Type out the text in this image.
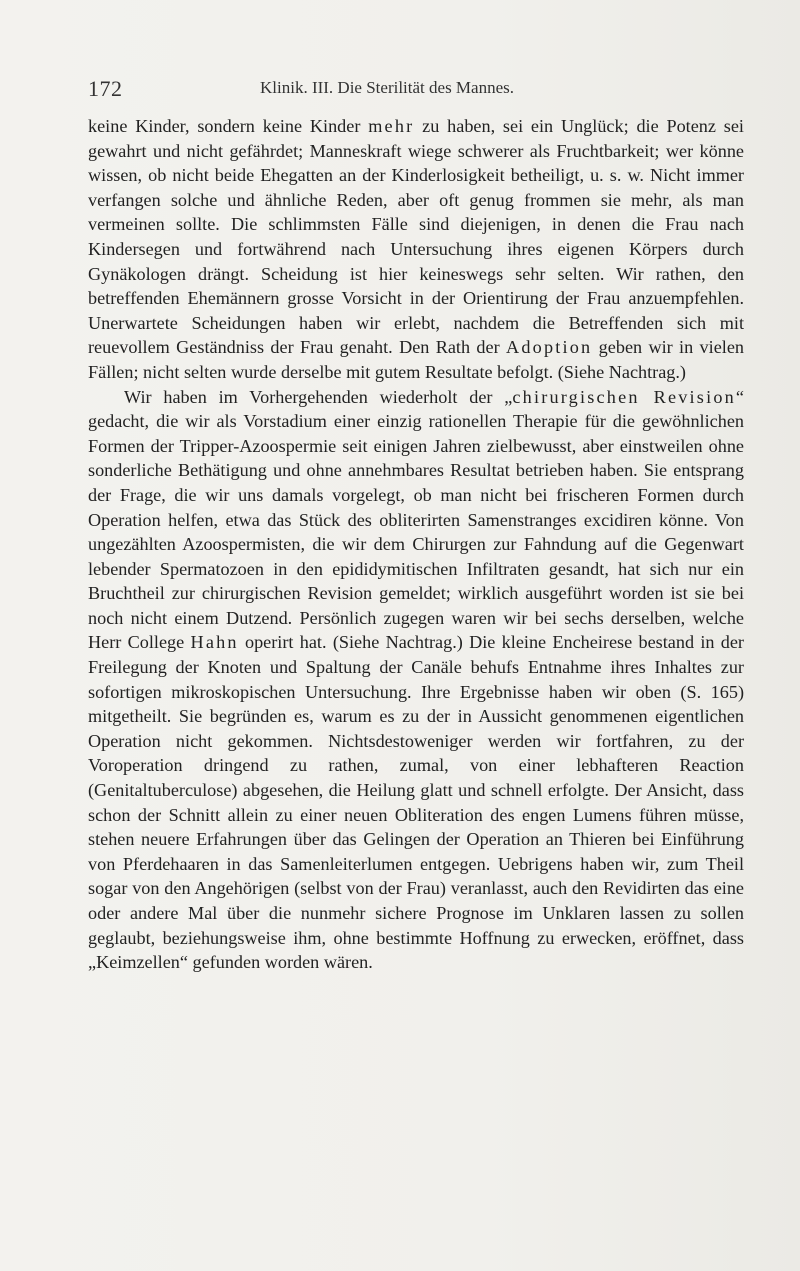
172	Klinik. III. Die Sterilität des Mannes.

keine Kinder, sondern keine Kinder mehr zu haben, sei ein Unglück; die Potenz sei gewahrt und nicht gefährdet; Manneskraft wiege schwerer als Fruchtbarkeit; wer könne wissen, ob nicht beide Ehegatten an der Kinderlosigkeit betheiligt, u. s. w. Nicht immer verfangen solche und ähnliche Reden, aber oft genug frommen sie mehr, als man vermeinen sollte. Die schlimmsten Fälle sind diejenigen, in denen die Frau nach Kindersegen und fortwährend nach Untersuchung ihres eigenen Körpers durch Gynäkologen drängt. Scheidung ist hier keineswegs sehr selten. Wir rathen, den betreffenden Ehemännern grosse Vorsicht in der Orientirung der Frau anzuempfehlen. Unerwartete Scheidungen haben wir erlebt, nachdem die Betreffenden sich mit reuevollem Geständniss der Frau genaht. Den Rath der Adoption geben wir in vielen Fällen; nicht selten wurde derselbe mit gutem Resultate befolgt. (Siehe Nachtrag.)

Wir haben im Vorhergehenden wiederholt der „chirurgischen Revision“ gedacht, die wir als Vorstadium einer einzig rationellen Therapie für die gewöhnlichen Formen der Tripper-Azoospermie seit einigen Jahren zielbewusst, aber einstweilen ohne sonderliche Bethätigung und ohne annehmbares Resultat betrieben haben. Sie entsprang der Frage, die wir uns damals vorgelegt, ob man nicht bei frischeren Formen durch Operation helfen, etwa das Stück des obliterirten Samenstranges excidiren könne. Von ungezählten Azoospermisten, die wir dem Chirurgen zur Fahndung auf die Gegenwart lebender Spermatozoen in den epididymitischen Infiltraten gesandt, hat sich nur ein Bruchtheil zur chirurgischen Revision gemeldet; wirklich ausgeführt worden ist sie bei noch nicht einem Dutzend. Persönlich zugegen waren wir bei sechs derselben, welche Herr College Hahn operirt hat. (Siehe Nachtrag.) Die kleine Encheirese bestand in der Freilegung der Knoten und Spaltung der Canäle behufs Entnahme ihres Inhaltes zur sofortigen mikroskopischen Untersuchung. Ihre Ergebnisse haben wir oben (S. 165) mitgetheilt. Sie begründen es, warum es zu der in Aussicht genommenen eigentlichen Operation nicht gekommen. Nichtsdestoweniger werden wir fortfahren, zu der Voroperation dringend zu rathen, zumal, von einer lebhafteren Reaction (Genitaltuberculose) abgesehen, die Heilung glatt und schnell erfolgte. Der Ansicht, dass schon der Schnitt allein zu einer neuen Obliteration des engen Lumens führen müsse, stehen neuere Erfahrungen über das Gelingen der Operation an Thieren bei Einführung von Pferdehaaren in das Samenleiterlumen entgegen. Uebrigens haben wir, zum Theil sogar von den Angehörigen (selbst von der Frau) veranlasst, auch den Revidirten das eine oder andere Mal über die nunmehr sichere Prognose im Unklaren lassen zu sollen geglaubt, beziehungsweise ihm, ohne bestimmte Hoffnung zu erwecken, eröffnet, dass „Keimzellen“ gefunden worden wären.
